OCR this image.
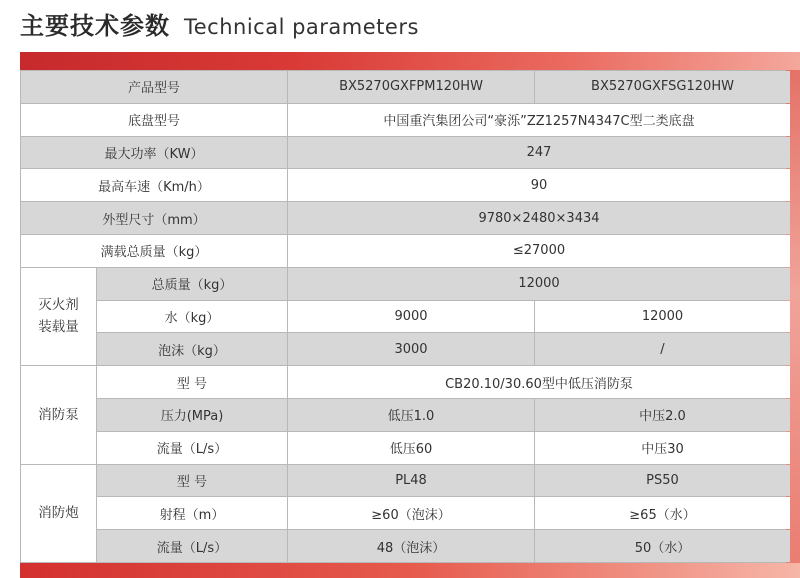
主要技术参数 Technical parameters
产品型号	BX5270GXFPM120HW	BX5270GXFSG120HW
底盘型号	中国重汽集团公司“豪泺”ZZ1257N4347C型二类底盘
最大功率（KW）	247
最高车速（Km/h）	90
外型尺寸（mm）	9780×2480×3434
满载总质量（kg）	≤27000
灭火剂
装载量
总质量（kg）	12000
水（kg）	9000	12000
泡沫（kg）	3000	/
消防泵
型 号	CB20.10/30.60型中低压消防泵
压力(MPa)	低压1.0	中压2.0
流量（L/s）	低压60	中压30
消防炮
型 号	PL48	PS50
射程（m）	≥60（泡沫）	≥65（水）
流量（L/s）	48（泡沫）	50（水）
